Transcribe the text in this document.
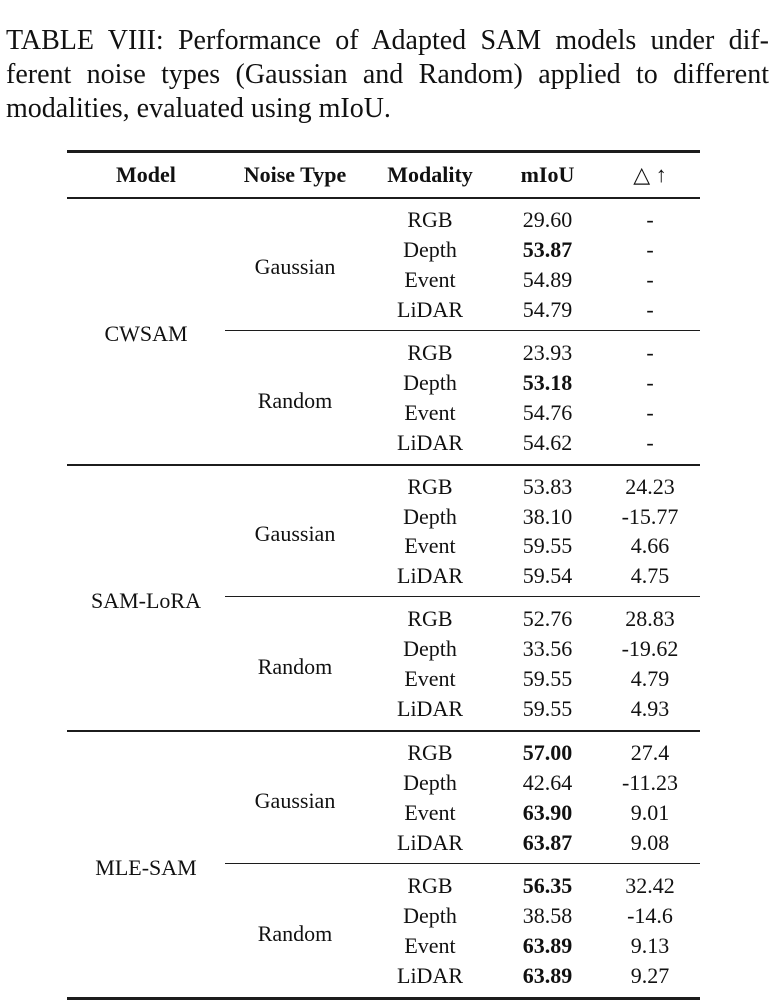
TABLE VIII: Performance of Adapted SAM models under dif-
ferent noise types (Gaussian and Random) applied to different
modalities, evaluated using mIoU.
Model	Noise Type	Modality	mIoU	△ ↑
CWSAM	Gaussian	RGB	29.60	-
		Depth	53.87	-
		Event	54.89	-
		LiDAR	54.79	-
	Random	RGB	23.93	-
		Depth	53.18	-
		Event	54.76	-
		LiDAR	54.62	-
SAM-LoRA	Gaussian	RGB	53.83	24.23
		Depth	38.10	-15.77
		Event	59.55	4.66
		LiDAR	59.54	4.75
	Random	RGB	52.76	28.83
		Depth	33.56	-19.62
		Event	59.55	4.79
		LiDAR	59.55	4.93
MLE-SAM	Gaussian	RGB	57.00	27.4
		Depth	42.64	-11.23
		Event	63.90	9.01
		LiDAR	63.87	9.08
	Random	RGB	56.35	32.42
		Depth	38.58	-14.6
		Event	63.89	9.13
		LiDAR	63.89	9.27
